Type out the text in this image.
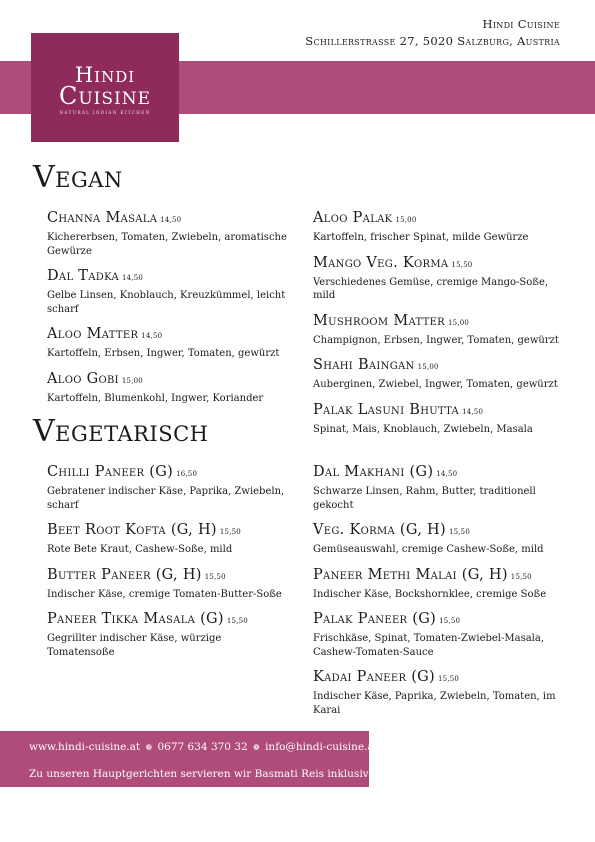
Hindi Cuisine
Schillerstrasse 27, 5020 Salzburg, Austria
Hindi
Cuisine
NATURAL INDIAN KITCHEN
Vegan
Channa Masala 14,50
Kichererbsen, Tomaten, Zwiebeln, aromatische Gewürze
Dal Tadka 14,50
Gelbe Linsen, Knoblauch, Kreuzkümmel, leicht scharf
Aloo Matter 14,50
Kartoffeln, Erbsen, Ingwer, Tomaten, gewürzt
Aloo Gobi 15,00
Kartoffeln, Blumenkohl, Ingwer, Koriander
Aloo Palak 15,00
Kartoffeln, frischer Spinat, milde Gewürze
Mango Veg. Korma 15,50
Verschiedenes Gemüse, cremige Mango-Soße, mild
Mushroom Matter 15,00
Champignon, Erbsen, Ingwer, Tomaten, gewürzt
Shahi Baingan 15,00
Auberginen, Zwiebel, Ingwer, Tomaten, gewürzt
Palak Lasuni Bhutta 14,50
Spinat, Mais, Knoblauch, Zwiebeln, Masala
Vegetarisch
Chilli Paneer (G) 16,50
Gebratener indischer Käse, Paprika, Zwiebeln, scharf
Beet Root Kofta (G, H) 15,50
Rote Bete Kraut, Cashew-Soße, mild
Butter Paneer (G, H) 15,50
Indischer Käse, cremige Tomaten-Butter-Soße
Paneer Tikka Masala (G) 15,50
Gegrillter indischer Käse, würzige Tomatensoße
Dal Makhani (G) 14,50
Schwarze Linsen, Rahm, Butter, traditionell gekocht
Veg. Korma (G, H) 15,50
Gemüseauswahl, cremige Cashew-Soße, mild
Paneer Methi Malai (G, H) 15,50
Indischer Käse, Bockshornklee, cremige Soße
Palak Paneer (G) 15,50
Frischkäse, Spinat, Tomaten-Zwiebel-Masala, Cashew-Tomaten-Sauce
Kadai Paneer (G) 15,50
Indischer Käse, Paprika, Zwiebeln, Tomaten, im Karai
www.hindi-cuisine.at ❁ 0677 634 370 32 ❁ info@hindi-cuisine.at
Zu unseren Hauptgerichten servieren wir Basmati Reis inklusive
